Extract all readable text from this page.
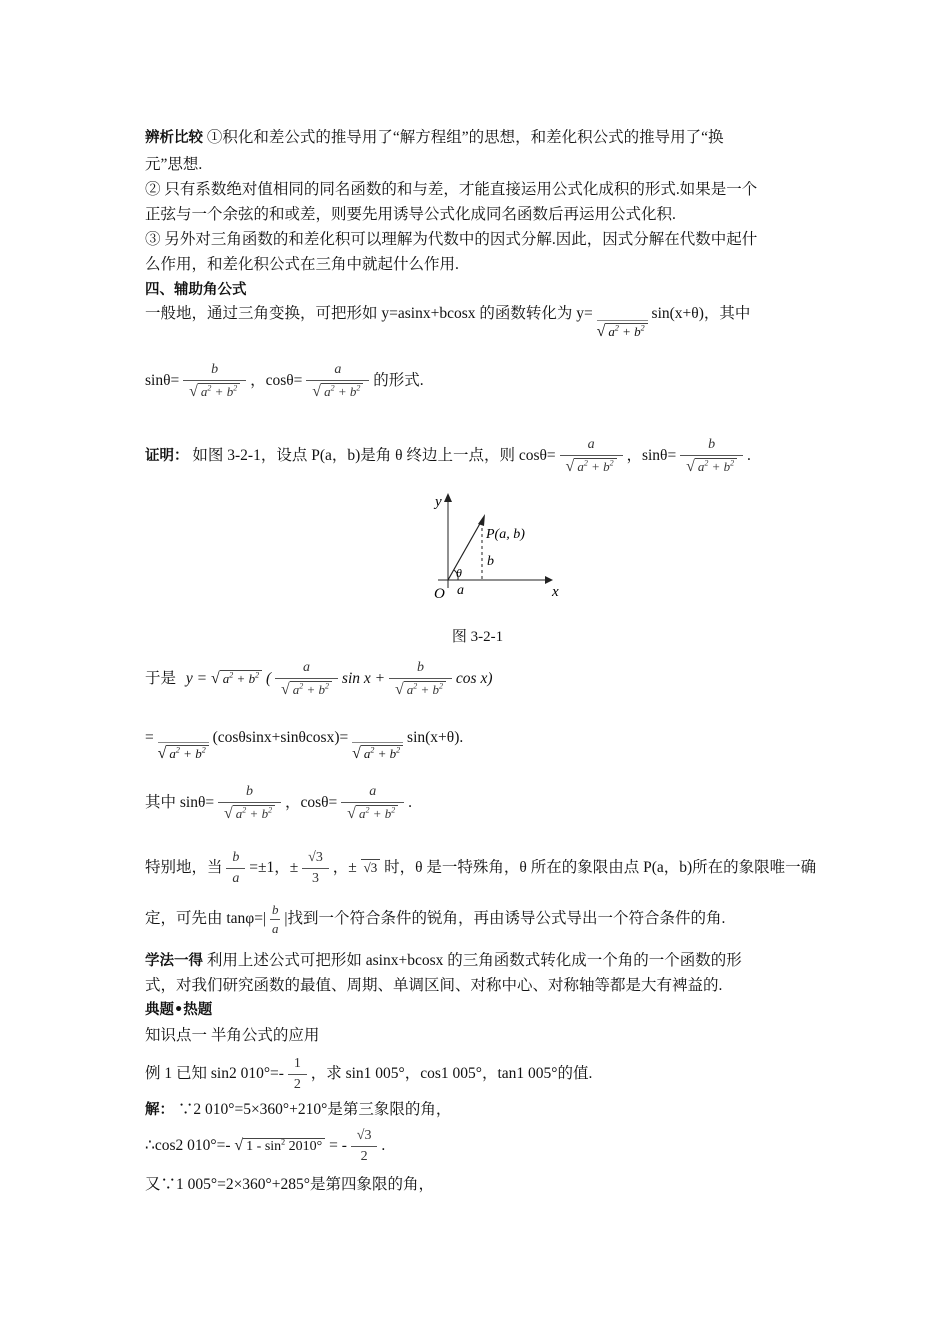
辨析比较 ①积化和差公式的推导用了“解方程组”的思想，和差化积公式的推导用了“换
元”思想.
② 只有系数绝对值相同的同名函数的和与差，才能直接运用公式化成积的形式.如果是一个
正弦与一个余弦的和或差，则要先用诱导公式化成同名函数后再运用公式化积.
③ 另外对三角函数的和差化积可以理解为代数中的因式分解.因此，因式分解在代数中起什
么作用，和差化积公式在三角中就起什么作用.
四、辅助角公式
一般地，通过三角变换，可把形如 y=asinx+bcosx 的函数转化为 y=
√ $a^2 + b^2$
sin(x+θ)，其中
$\sin\theta= \frac{b}{√ a^2 + b^2}$ ，$\cos\theta= \frac{a}{√ a^2 + b^2}$ 的形式.
证明： 如图 3-2-1，设点 P(a，b)是角 θ 终边上一点，则 $\cos\theta= \frac{a}{√ a^2 + b^2}$ ，$\sin\theta= \frac{b}{√ a^2 + b^2}$ .
y
x
O
P(a, b)
b
a
θ
图 3-2-1
于是 y = √ $a^2 + b^2$ ( $\frac{a}{√ a^2 + b^2}$ $\sin x + \frac{b}{√ a^2 + b^2}$ cos x)
=
√ $a^2 + b^2$
(cosθsinx+sinθcosx)=
√ $a^2 + b^2$
sin(x+θ).
其中 $\sin\theta= \frac{b}{√ a^2 + b^2}$ ，$\cos\theta= \frac{a}{√ a^2 + b^2}$ .
特别地，当 $\frac{b}{a} =\pm 1$，± $\frac{√3}{3}$ ，± √3 时，θ 是一特殊角，θ 所在的象限由点 P(a，b)所在的象限唯一确
定，可先由 $\tan\varphi=| \frac{b}{a}$ |找到一个符合条件的锐角，再由诱导公式导出一个符合条件的角.
学法一得 利用上述公式可把形如 asinx+bcosx 的三角函数式转化成一个角的一个函数的形
式，对我们研究函数的最值、周期、单调区间、对称中心、对称轴等都是大有裨益的.
典题•热题
知识点一 半角公式的应用
例 1 已知 sin2 $010^\circ=- \frac{1}{2}$ ，求 sin1 005°，cos1 005°，tan1 005°的值.
解： ∵2 010°=5×360°+210°是第三象限的角，
∴cos2 010°=- √ $1 - \sin^2 2010^\circ$ = - $\frac{√3}{2}$ .
又∵1 005°=2×360°+285°是第四象限的角，
